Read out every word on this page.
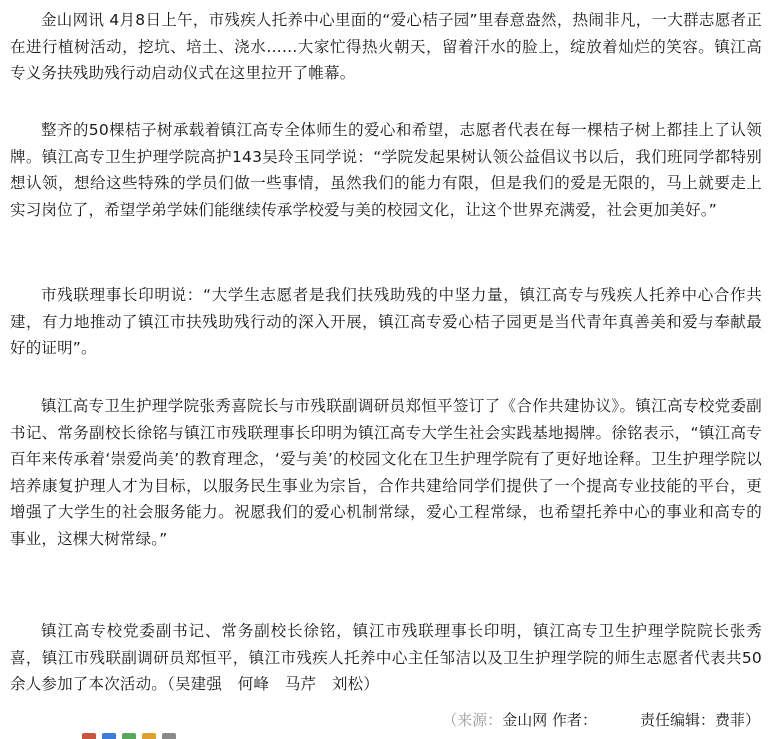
金山网讯 4月8日上午，市残疾人托养中心里面的“爱心桔子园”里春意盎然，热闹非凡，一大群志愿者正在进行植树活动，挖坑、培土、浇水……大家忙得热火朝天，留着汗水的脸上，绽放着灿烂的笑容。镇江高专义务扶残助残行动启动仪式在这里拉开了帷幕。

整齐的50棵桔子树承载着镇江高专全体师生的爱心和希望，志愿者代表在每一棵桔子树上都挂上了认领牌。镇江高专卫生护理学院高护143吴玲玉同学说：“学院发起果树认领公益倡议书以后，我们班同学都特别想认领，想给这些特殊的学员们做一些事情，虽然我们的能力有限，但是我们的爱是无限的，马上就要走上实习岗位了，希望学弟学妹们能继续传承学校爱与美的校园文化，让这个世界充满爱，社会更加美好。”

市残联理事长印明说：“大学生志愿者是我们扶残助残的中坚力量，镇江高专与残疾人托养中心合作共建，有力地推动了镇江市扶残助残行动的深入开展，镇江高专爱心桔子园更是当代青年真善美和爱与奉献最好的证明”。

镇江高专卫生护理学院张秀喜院长与市残联副调研员郑恒平签订了《合作共建协议》。镇江高专校党委副书记、常务副校长徐铭与镇江市残联理事长印明为镇江高专大学生社会实践基地揭牌。徐铭表示，“镇江高专百年来传承着‘崇爱尚美’的教育理念，‘爱与美’的校园文化在卫生护理学院有了更好地诠释。卫生护理学院以培养康复护理人才为目标，以服务民生事业为宗旨，合作共建给同学们提供了一个提高专业技能的平台，更增强了大学生的社会服务能力。祝愿我们的爱心机制常绿，爱心工程常绿，也希望托养中心的事业和高专的事业，这棵大树常绿。”

镇江高专校党委副书记、常务副校长徐铭，镇江市残联理事长印明，镇江高专卫生护理学院院长张秀喜，镇江市残联副调研员郑恒平，镇江市残疾人托养中心主任邹洁以及卫生护理学院的师生志愿者代表共50余人参加了本次活动。（吴建强　何峰　马芹　刘松）

（来源：金山网 作者：	责任编辑：费菲）
